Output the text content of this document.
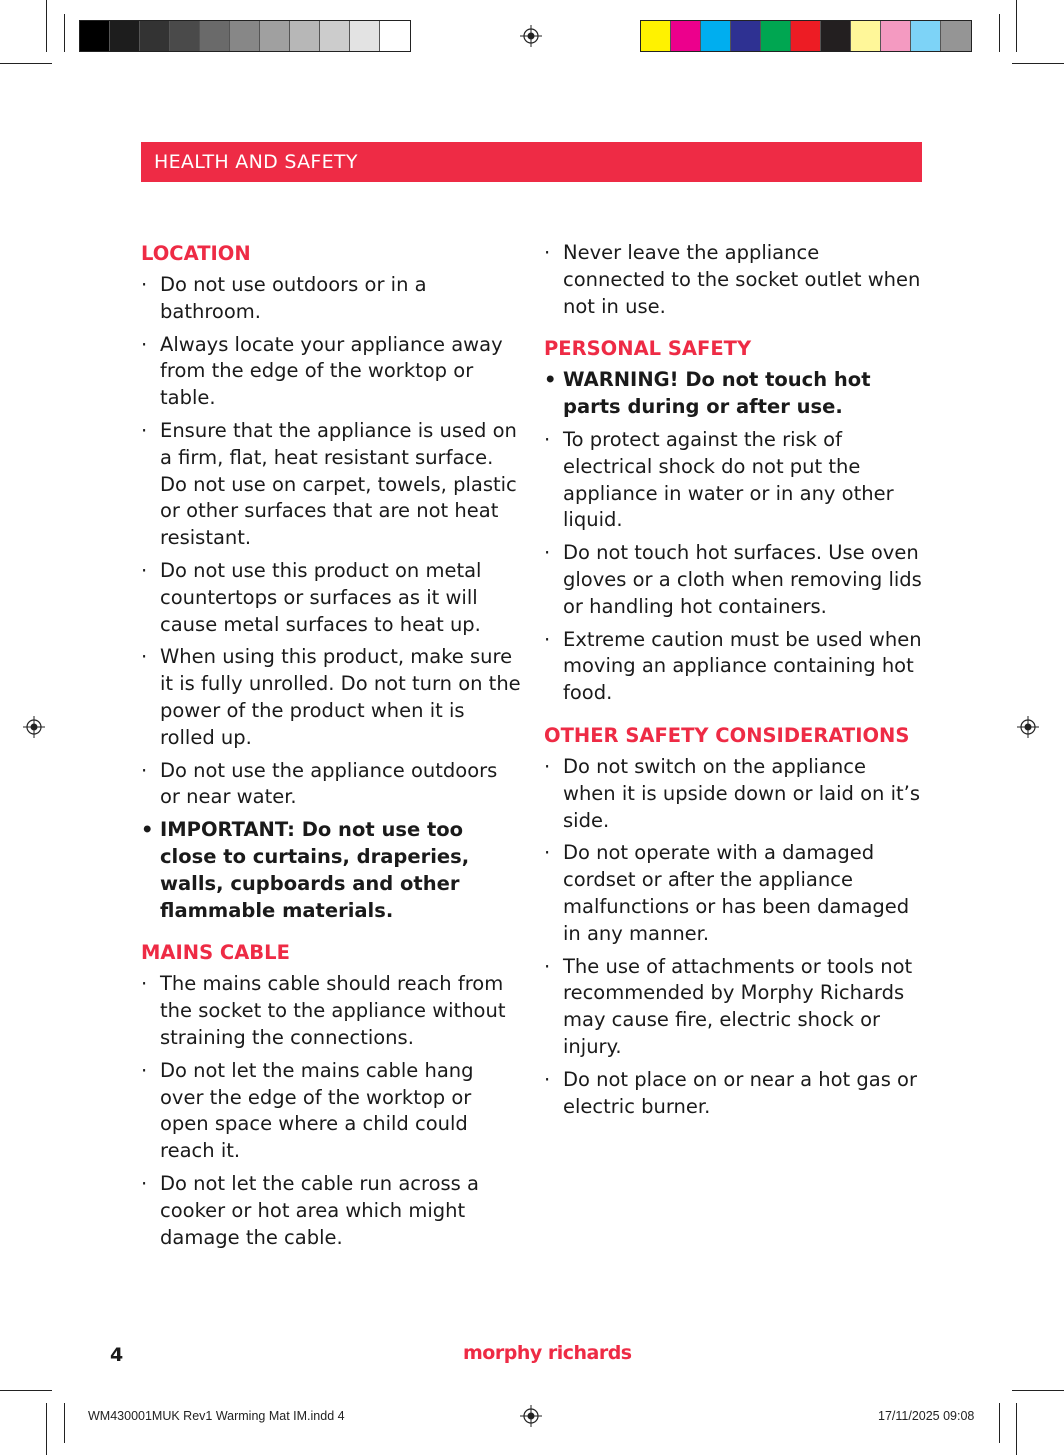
HEALTH AND SAFETY
LOCATION
· Do not use outdoors or in a bathroom.
· Always locate your appliance away from the edge of the worktop or table.
· Ensure that the appliance is used on a firm, flat, heat resistant surface. Do not use on carpet, towels, plastic or other surfaces that are not heat resistant.
· Do not use this product on metal countertops or surfaces as it will cause metal surfaces to heat up.
· When using this product, make sure it is fully unrolled. Do not turn on the power of the product when it is rolled up.
· Do not use the appliance outdoors or near water.
• IMPORTANT: Do not use too close to curtains, draperies, walls, cupboards and other flammable materials.
MAINS CABLE
· The mains cable should reach from the socket to the appliance without straining the connections.
· Do not let the mains cable hang over the edge of the worktop or open space where a child could reach it.
· Do not let the cable run across a cooker or hot area which might damage the cable.
· Never leave the appliance connected to the socket outlet when not in use.
PERSONAL SAFETY
• WARNING! Do not touch hot parts during or after use.
· To protect against the risk of electrical shock do not put the appliance in water or in any other liquid.
· Do not touch hot surfaces. Use oven gloves or a cloth when removing lids or handling hot containers.
· Extreme caution must be used when moving an appliance containing hot food.
OTHER SAFETY CONSIDERATIONS
· Do not switch on the appliance when it is upside down or laid on it’s side.
· Do not operate with a damaged cordset or after the appliance malfunctions or has been damaged in any manner.
· The use of attachments or tools not recommended by Morphy Richards may cause fire, electric shock or injury.
· Do not place on or near a hot gas or electric burner.
4	morphy richards
WM430001MUK Rev1 Warming Mat IM.indd 4	17/11/2025 09:08
